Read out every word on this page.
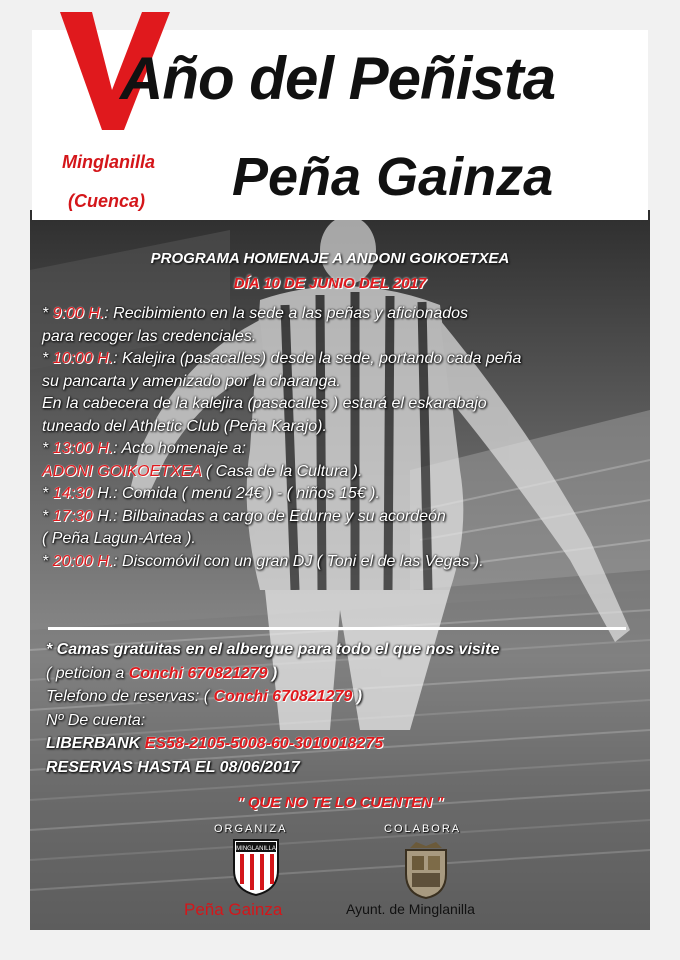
Año del Peñista

Minglanilla

(Cuenca) Peña Gainza
PROGRAMA HOMENAJE A ANDONI GOIKOETXEA
DÍA 10 DE JUNIO DEL 2017
* 9:00 H.: Recibimiento en la sede a las peñas y aficionados
para recoger las credenciales.
* 10:00 H.: Kalejira (pasacalles) desde la sede, portando cada peña
su pancarta y amenizado por la charanga.
En la cabecera de la kalejira (pasacalles ) estará el eskarabajo
tuneado del Athletic Club (Peña Karajo).
* 13:00 H.: Acto homenaje a:
ADONI GOIKOETXEA ( Casa de la Cultura ).
* 14:30 H.: Comida ( menú 24€ ) - ( niños 15€ ).
* 17:30 H.: Bilbainadas a cargo de Edurne y su acordeón
( Peña Lagun-Artea ).
* 20:00 H.: Discomóvil con un gran DJ ( Toni el de las Vegas ).
* Camas gratuitas en el albergue para todo el que nos visite
( peticion a Conchi 670821279 )
Telefono de reservas: ( Conchi 670821279 )
Nº De cuenta:
LIBERBANK ES58-2105-5008-60-3010018275
RESERVAS HASTA EL 08/06/2017

" QUE NO TE LO CUENTEN "

ORGANIZA	COLABORA
MINGLANILLA

Peña Gainza	Ayunt. de Minglanilla
